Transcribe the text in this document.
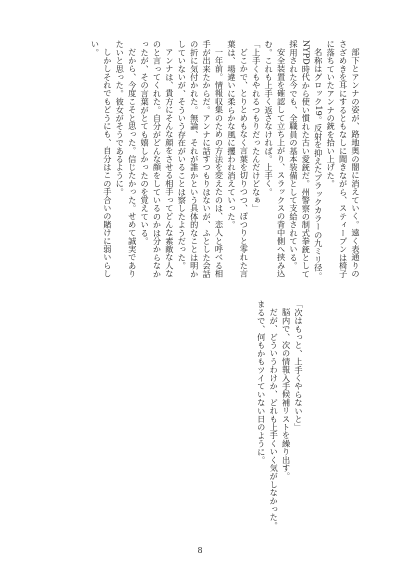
部下とアンナの姿が、路地奥の闇に消えていく。遠く表通りのさざめきを耳にするともなしに聞きながら、スティーブンは椅子に落ちていたアンナの銃を拾い上げた。

名称はグロック19。反射を抑えたブラックカラーの九ミリ径。NYPD時代から使い慣れた古い愛銃だ。州警察の制式拳銃として採用された今でも、全職員の基本装備として支給されている。

安全装置を確認して立ち上がり、スラックスの背中側へ挟み込む。これも上手く返さなければ。上手く。

「上手くもやれるつもりだったんだけどなぁ」

どこかで、とりとめもなく言葉を切りつつ、ぽつりと零れた言葉は、場違いに柔らかな風に攫われ消えていった。

一年前。情報収集のための方法を変えたのは、恋人と呼べる相手が出来たからだ。アンナに話すつもりはないが、ふとした会話の折に気付かれた。無論、それが誰かという具体的なことは明かしていないが、そういう存在がいることは察したようだった。

アンナは、貴方にそんな顔をさせる相手ってどんな素敵な人なのと言ってくれた。自分がどんな顔をしているのかは分からなかったが、その言葉がとても嬉しかったのを覚えている。

だから、今度こそと思った。信じたかった。せめて誠実でありたいと思った。彼女がそうであるように。

しかしそれでもどうにも、自分はこの手合いの賭けに弱いらしい。

「次はもっと、上手くやらないと」

脳内で、次の情報入手候補リストを繰り出す。

だが、どういうわけか、どれも上手くいく気がしなかった。まるで、何もかもツイていない日のように。

8
